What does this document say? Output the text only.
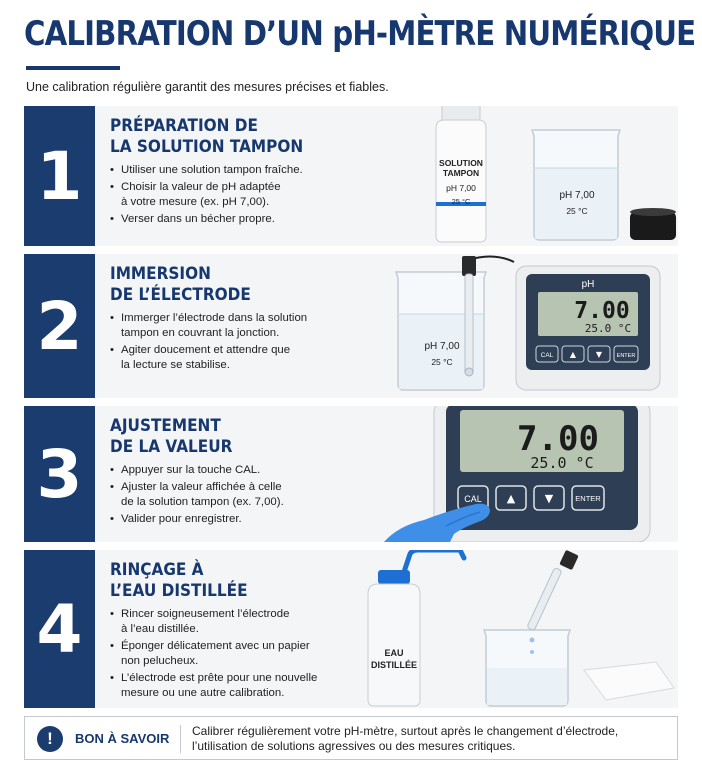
CALIBRATION D’UN pH-MÈTRE NUMÉRIQUE
Une calibration régulière garantit des mesures précises et fiables.
1
PRÉPARATION DE
LA SOLUTION TAMPON
• Utiliser une solution tampon fraîche.
• Choisir la valeur de pH adaptée
à votre mesure (ex. pH 7,00).
• Verser dans un bécher propre.
SOLUTION
TAMPON
pH 7,00
25 °C
pH 7,00
25 °C
2
IMMERSION
DE L’ÉLECTRODE
• Immerger l’électrode dans la solution
tampon en couvrant la jonction.
• Agiter doucement et attendre que
la lecture se stabilise.
pH 7,00
25 °C
pH
7.00
25.0 °C
CAL ▲ ▼	ENTER
3
AJUSTEMENT
DE LA VALEUR
• Appuyer sur la touche CAL.
• Ajuster la valeur affichée à celle
de la solution tampon (ex. 7,00).
• Valider pour enregistrer.
7.00
25.0 °C
CAL ▲	▼	ENTER
4
RINÇAGE À
L’EAU DISTILLÉE
• Rincer soigneusement l’électrode
à l’eau distillée.
• Éponger délicatement avec un papier
non pelucheux.
• L’électrode est prête pour une nouvelle
mesure ou une autre calibration.
EAU
DISTILLÉE
!	BON À SAVOIR Calibrer régulièrement votre pH-mètre, surtout après le changement d’électrode,
l’utilisation de solutions agressives ou des mesures critiques.
